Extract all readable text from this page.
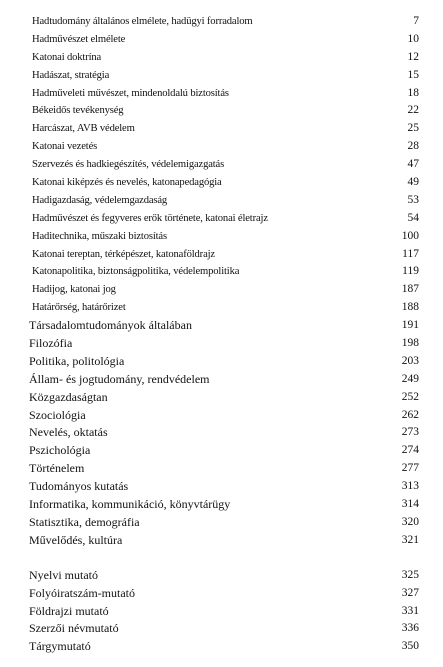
Hadtudomány általános elmélete, hadügyi forradalom	7
Hadművészet elmélete	10
Katonai doktrína	12
Hadászat, stratégia	15
Hadműveleti művészet, mindenoldalú biztosítás	18
Békeidős tevékenység	22
Harcászat, AVB védelem	25
Katonai vezetés	28
Szervezés és hadkiegészítés, védelemigazgatás	47
Katonai kiképzés és nevelés, katonapedagógia	49
Hadigazdaság, védelemgazdaság	53
Hadművészet és fegyveres erők története, katonai életrajz	54
Haditechnika, műszaki biztosítás	100
Katonai tereptan, térképészet, katonaföldrajz	117
Katonapolitika, biztonságpolitika, védelempolitika	119
Hadijog, katonai jog	187
Határőrség, határőrizet	188
Társadalomtudományok általában	191
Filozófia	198
Politika, politológia	203
Állam- és jogtudomány, rendvédelem	249
Közgazdaságtan	252
Szociológia	262
Nevelés, oktatás	273
Pszichológia	274
Történelem	277
Tudományos kutatás	313
Informatika, kommunikáció, könyvtárügy	314
Statisztika, demográfia	320
Művelődés, kultúra	321
Nyelvi mutató	325
Folyóiratszám-mutató	327
Földrajzi mutató	331
Szerzői névmutató	336
Tárgymutató	350
